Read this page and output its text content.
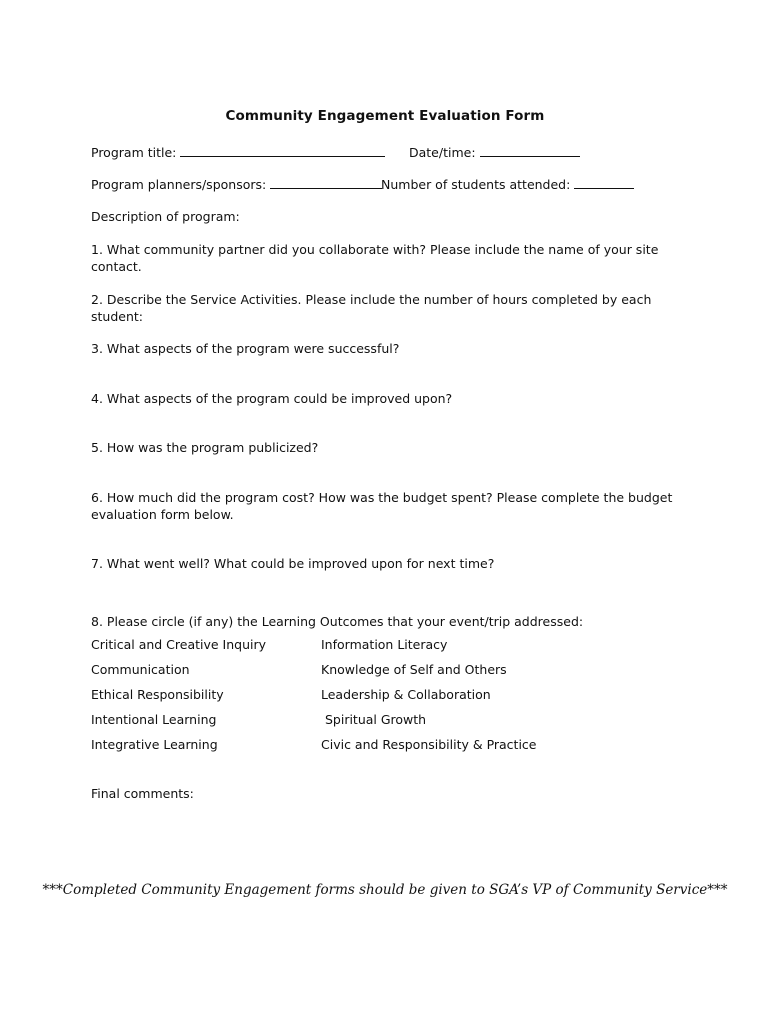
Community Engagement Evaluation Form
Program title:	Date/time:
Program planners/sponsors:	Number of students attended:
Description of program:
1. What community partner did you collaborate with? Please include the name of your site contact.
2. Describe the Service Activities. Please include the number of hours completed by each student:
3. What aspects of the program were successful?
4. What aspects of the program could be improved upon?
5. How was the program publicized?
6. How much did the program cost? How was the budget spent? Please complete the budget evaluation form below.
7. What went well? What could be improved upon for next time?
8. Please circle (if any) the Learning Outcomes that your event/trip addressed:
Critical and Creative Inquiry
Communication
Ethical Responsibility
Intentional Learning
Integrative Learning
Information Literacy
Knowledge of Self and Others
Leadership & Collaboration
Spiritual Growth
Civic and Responsibility & Practice
Final comments:
***Completed Community Engagement forms should be given to SGA’s VP of Community Service***
